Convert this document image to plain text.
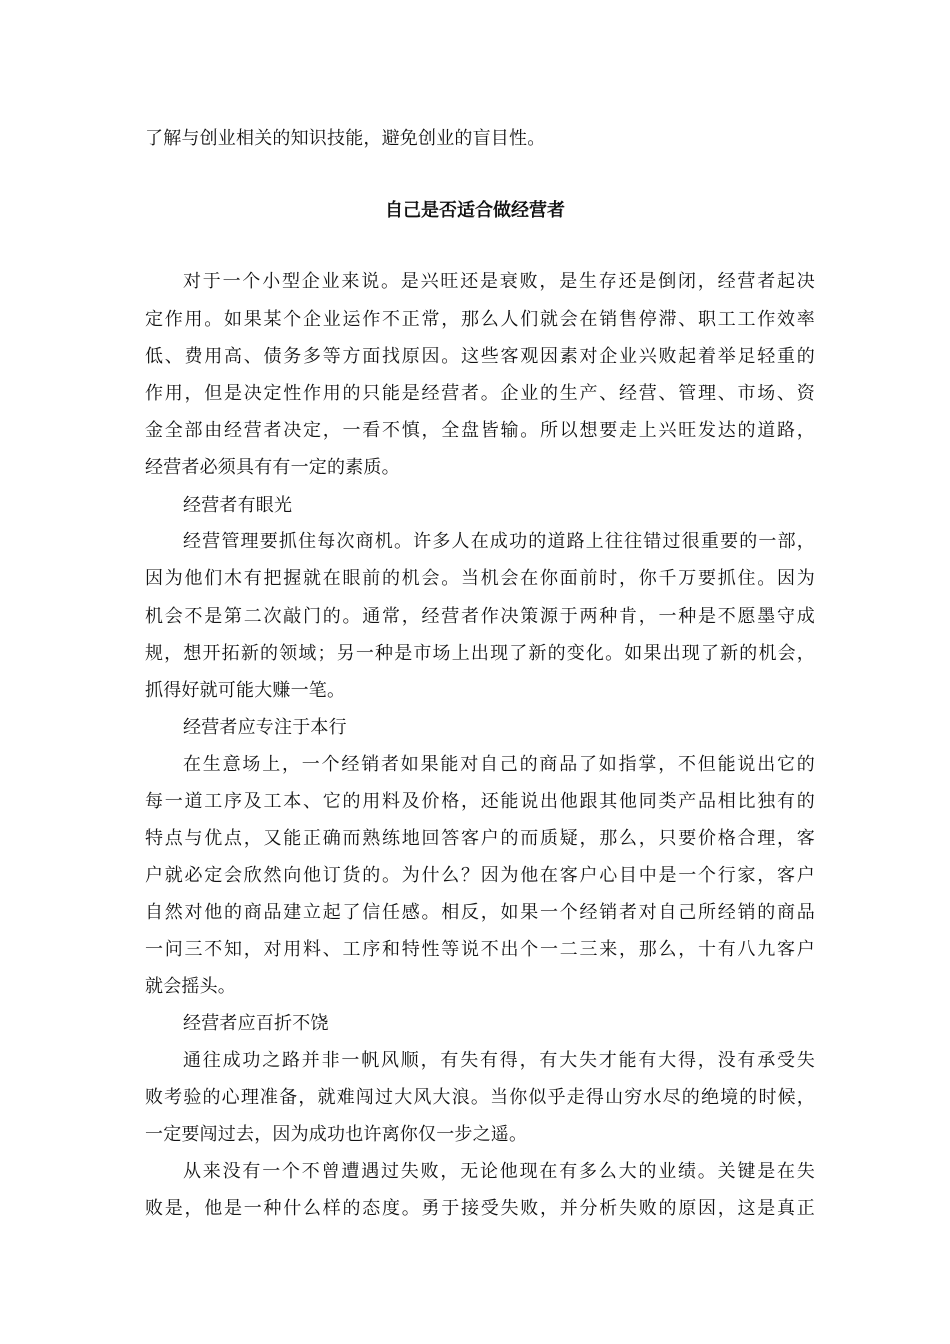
了解与创业相关的知识技能，避免创业的盲目性。
自己是否适合做经营者
对于一个小型企业来说。是兴旺还是衰败，是生存还是倒闭，经营者起决
定作用。如果某个企业运作不正常，那么人们就会在销售停滞、职工工作效率
低、费用高、债务多等方面找原因。这些客观因素对企业兴败起着举足轻重的
作用，但是决定性作用的只能是经营者。企业的生产、经营、管理、市场、资
金全部由经营者决定，一看不慎，全盘皆输。所以想要走上兴旺发达的道路，
经营者必须具有有一定的素质。
经营者有眼光
经营管理要抓住每次商机。许多人在成功的道路上往往错过很重要的一部，
因为他们木有把握就在眼前的机会。当机会在你面前时，你千万要抓住。因为
机会不是第二次敲门的。通常，经营者作决策源于两种肯，一种是不愿墨守成
规，想开拓新的领域；另一种是市场上出现了新的变化。如果出现了新的机会，
抓得好就可能大赚一笔。
经营者应专注于本行
在生意场上，一个经销者如果能对自己的商品了如指掌，不但能说出它的
每一道工序及工本、它的用料及价格，还能说出他跟其他同类产品相比独有的
特点与优点，又能正确而熟练地回答客户的而质疑，那么，只要价格合理，客
户就必定会欣然向他订货的。为什么？因为他在客户心目中是一个行家，客户
自然对他的商品建立起了信任感。相反，如果一个经销者对自己所经销的商品
一问三不知，对用料、工序和特性等说不出个一二三来，那么，十有八九客户
就会摇头。
经营者应百折不饶
通往成功之路并非一帆风顺，有失有得，有大失才能有大得，没有承受失
败考验的心理准备，就难闯过大风大浪。当你似乎走得山穷水尽的绝境的时候，
一定要闯过去，因为成功也许离你仅一步之遥。
从来没有一个不曾遭遇过失败，无论他现在有多么大的业绩。关键是在失
败是，他是一种什么样的态度。勇于接受失败，并分析失败的原因，这是真正
